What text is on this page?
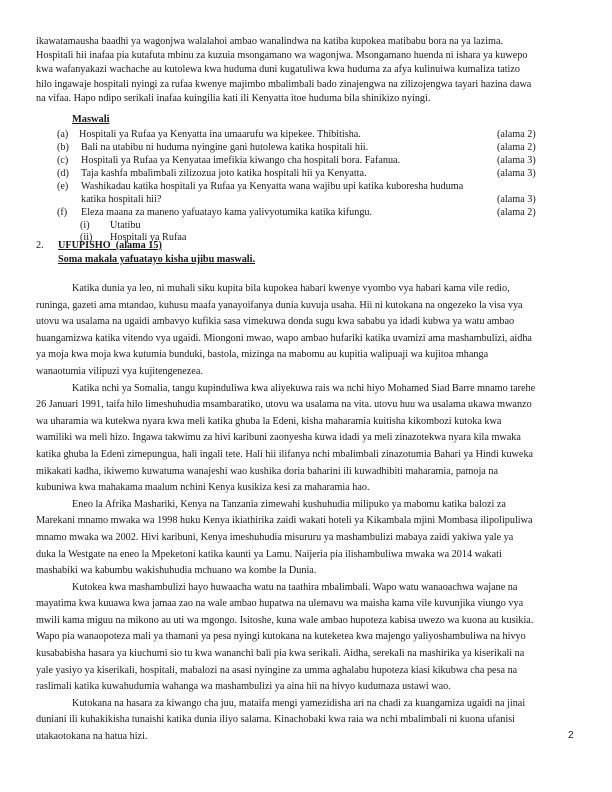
ikawatamausha baadhi ya wagonjwa walalahoi ambao wanalindwa na katiba kupokea matibabu bora na ya lazima.
Hospitali hii inafaa pia kutafuta mbinu za kuzuia msongamano wa wagonjwa. Msongamano huenda ni ishara ya kuwepo
kwa wafanyakazi wachache au kutolewa kwa huduma duni kugatuliwa kwa huduma za afya kulinuiwa kumaliza tatizo
hilo ingawaje hospitali nyingi za rufaa kwenye majimbo mbalimbali bado zinajengwa na zilizojengwa tayari hazina dawa
na vifaa. Hapo ndipo serikali inafaa kuingilia kati ili Kenyatta itoe huduma bila shinikizo nyingi.
Maswali
(a) Hospitali ya Rufaa ya Kenyatta ina umaarufu wa kipekee. Thibitisha.	(alama 2)
(b) Bali na utabibu ni huduma nyingine gani hutolewa katika hospitali hii.	(alama 2)
(c) Hospitali ya Rufaa ya Kenyataa imefikia kiwango cha hospitali bora. Fafanua.	(alama 3)
(d) Taja kashfa mbalimbali zilizozua joto katika hospitali hii ya Kenyatta.	(alama 3)
(e) Washikadau katika hospitali ya Rufaa ya Kenyatta wana wajibu upi katika kuboresha huduma
katika hospitali hii?	(alama 3)
(f) Eleza maana za maneno yafuatayo kama yalivyotumika katika kifungu.	(alama 2)
(i) Utatibu
(ii) Hospitali ya Rufaa
2. UFUPISHO  (alama 15)
Soma makala yafuatayo kisha ujibu maswali.
Katika dunia ya leo, ni muhali siku kupita bila kupokea habari kwenye vyombo vya habari kama vile redio,
runinga, gazeti ama mtandao, kuhusu maafa yanayoifanya dunia kuvuja usaha. Hii ni kutokana na ongezeko la visa vya
utovu wa usalama na ugaidi ambavyo kufikia sasa vimekuwa donda sugu kwa sababu ya idadi kubwa ya watu ambao
huangamizwa katika vitendo vya ugaidi. Miongoni mwao, wapo ambao hufariki katika uvamizi ama mashambulizi, aidha
ya moja kwa moja kwa kutumia bunduki, bastola, mizinga na mabomu au kupitia walipuaji wa kujitoa mhanga
wanaotumia vilipuzi vya kujitengenezea.
Katika nchi ya Somalia, tangu kupinduliwa kwa aliyekuwa rais wa nchi hiyo Mohamed Siad Barre mnamo tarehe
26 Januari 1991, taifa hilo limeshuhudia msambaratiko, utovu wa usalama na vita. utovu huu wa usalama ukawa mwanzo
wa uharamia wa kutekwa nyara kwa meli katika ghuba la Edeni, kisha maharamia kuitisha kikombozi kutoka kwa
wamiliki wa meli hizo. Ingawa takwimu za hivi karibuni zaonyesha kuwa idadi ya meli zinazotekwa nyara kila mwaka
katika ghuba la Edeni zimepungua, hali ingali tete. Hali hii ilifanya nchi mbalimbali zinazotumia Bahari ya Hindi kuweka
mikakati kadha, ikiwemo kuwatuma wanajeshi wao kushika doria baharini ili kuwadhibiti maharamia, pamoja na
kubuniwa kwa mahakama maalum nchini Kenya kusikiza kesi za maharamia hao.
Eneo la Afrika Mashariki, Kenya na Tanzania zimewahi kushuhudia milipuko ya mabomu katika balozi za
Marekani mnamo mwaka wa 1998 huku Kenya ikiathirika zaidi wakati hoteli ya Kikambala mjini Mombasa ilipolipuliwa
mnamo mwaka wa 2002. Hivi karibuni, Kenya imeshuhudia misururu ya mashambulizi mabaya zaidi yakiwa yale ya
duka la Westgate na eneo la Mpeketoni katika kaunti ya Lamu. Naijeria pia ilishambuliwa mwaka wa 2014 wakati
mashabiki wa kabumbu wakishuhudia mchuano wa kombe la Dunia.
Kutokea kwa mashambulizi hayo huwaacha watu na taathira mbalimbali. Wapo watu wanaoachwa wajane na
mayatima kwa kuuawa kwa jamaa zao na wale ambao hupatwa na ulemavu wa maisha kama vile kuvunjika viungo vya
mwili kama miguu na mikono au uti wa mgongo. Isitoshe, kuna wale ambao hupoteza kabisa uwezo wa kuona au kusikia.
Wapo pia wanaopoteza mali ya thamani ya pesa nyingi kutokana na kuteketea kwa majengo yaliyoshambuliwa na hivyo
kusababisha hasara ya kiuchumi sio tu kwa wananchi bali pia kwa serikali. Aidha, serekali na mashirika ya kiserikali na
yale yasiyo ya kiserikali, hospitali, mabalozi na asasi nyingine za umma aghalabu hupoteza kiasi kikubwa cha pesa na
raslimali katika kuwahudumia wahanga wa mashambulizi ya aina hii na hivyo kudumaza ustawi wao.
Kutokana na hasara za kiwango cha juu, mataifa mengi yamezidisha ari na chadi za kuangamiza ugaidi na jinai
duniani ili kuhakikisha tunaishi katika dunia iliyo salama. Kinachobaki kwa raia wa nchi mbalimbali ni kuona ufanisi
utakaotokana na hatua hizi.	2
